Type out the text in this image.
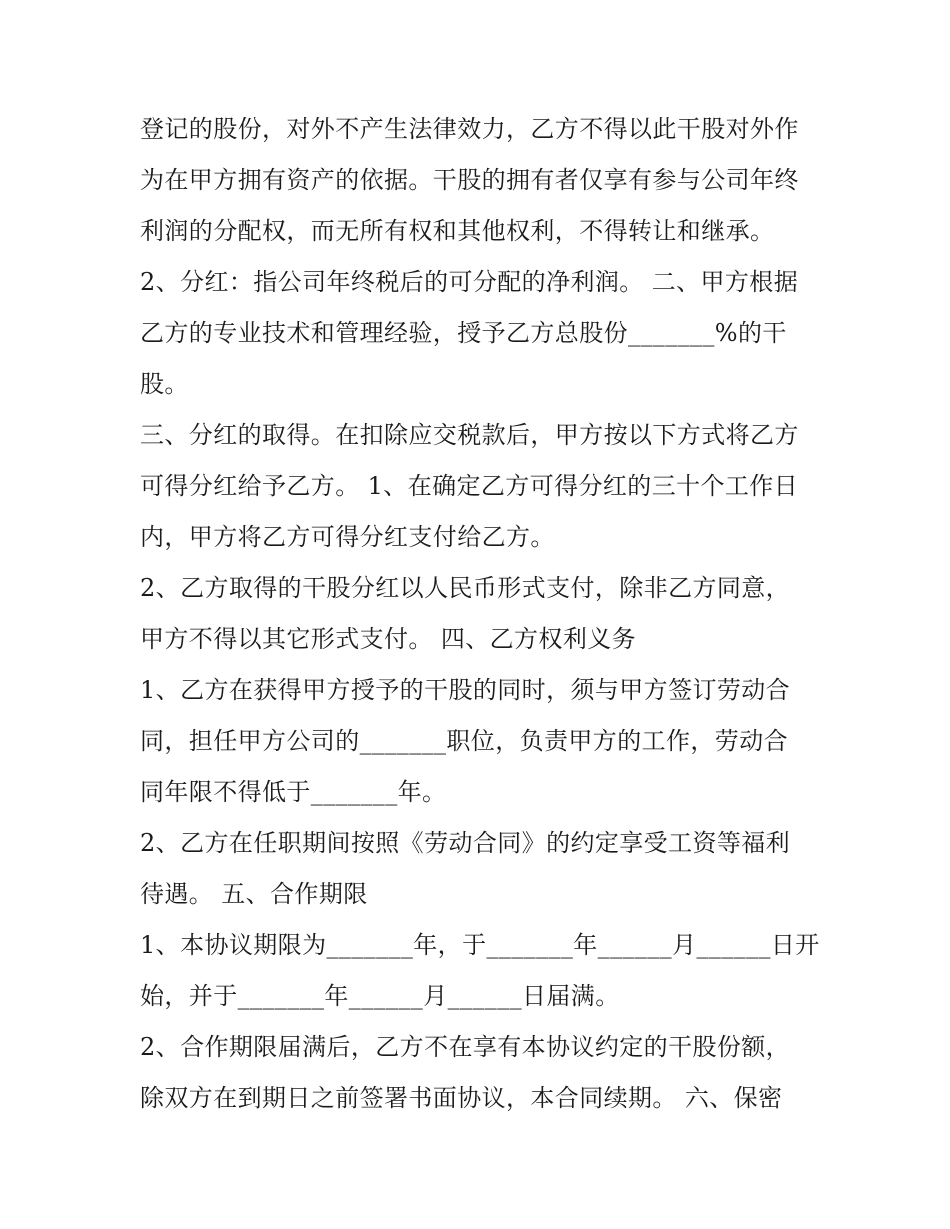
登记的股份，对外不产生法律效力，乙方不得以此干股对外作
为在甲方拥有资产的依据。干股的拥有者仅享有参与公司年终
利润的分配权，而无所有权和其他权利，不得转让和继承。
2、分红：指公司年终税后的可分配的净利润。 二、甲方根据
乙方的专业技术和管理经验，授予乙方总股份_______%的干
股。
三、分红的取得。在扣除应交税款后，甲方按以下方式将乙方
可得分红给予乙方。 1、在确定乙方可得分红的三十个工作日
内，甲方将乙方可得分红支付给乙方。
2、乙方取得的干股分红以人民币形式支付，除非乙方同意，
甲方不得以其它形式支付。 四、乙方权利义务
1、乙方在获得甲方授予的干股的同时，须与甲方签订劳动合
同，担任甲方公司的_______职位，负责甲方的工作，劳动合
同年限不得低于_______年。
2、乙方在任职期间按照《劳动合同》的约定享受工资等福利
待遇。 五、合作期限
1、本协议期限为_______年，于_______年______月______日开
始，并于_______年______月______日届满。
2、合作期限届满后，乙方不在享有本协议约定的干股份额，
除双方在到期日之前签署书面协议，本合同续期。 六、保密
